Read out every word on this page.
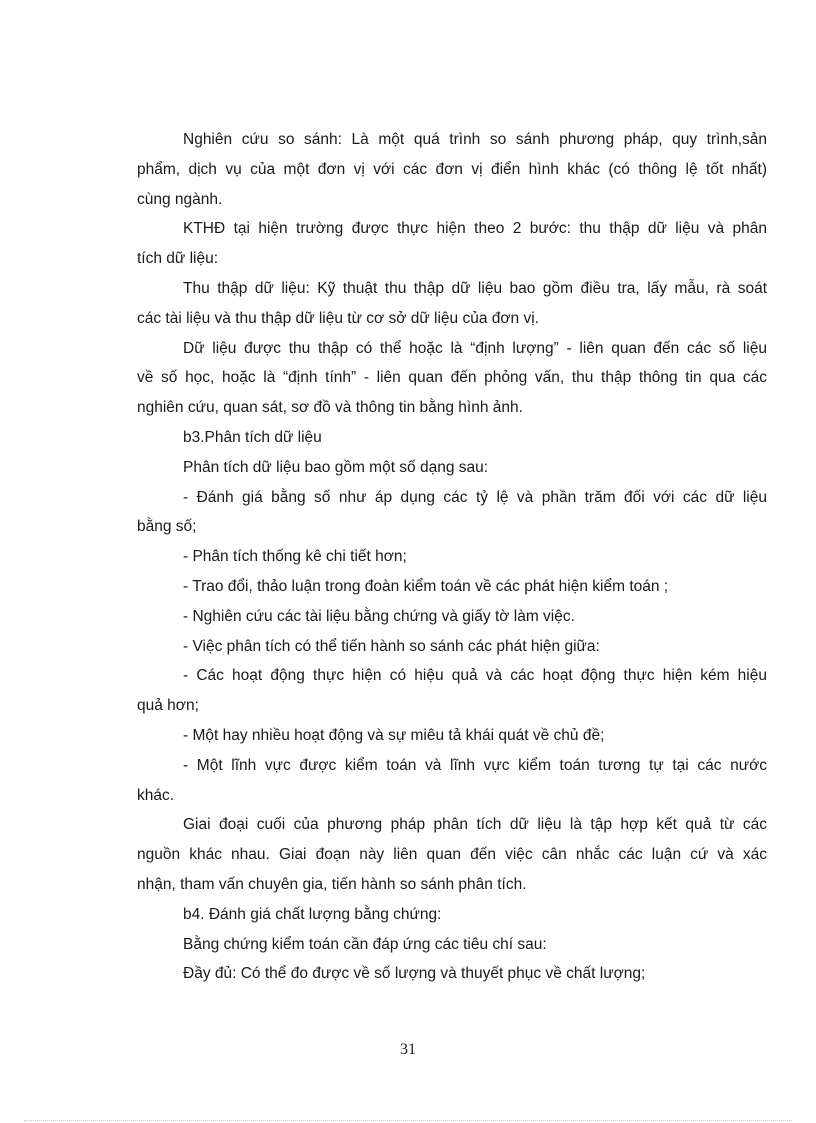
Nghiên cứu so sánh: Là một quá trình so sánh phương pháp, quy trình,sản

phẩm, dịch vụ của một đơn vị với các đơn vị điển hình khác (có thông lệ tốt nhất)

cùng ngành.

KTHĐ tại hiện trường được thực hiện theo 2 bước: thu thập dữ liệu và phân

tích dữ liệu:

Thu thập dữ liệu: Kỹ thuật thu thập dữ liệu bao gồm điều tra, lấy mẫu, rà soát

các tài liệu và thu thập dữ liệu từ cơ sở dữ liệu của đơn vị.

Dữ liệu được thu thập có thể hoặc là “định lượng” - liên quan đến các số liệu

về số học, hoặc là “định tính” - liên quan đến phỏng vấn, thu thập thông tin qua các

nghiên cứu, quan sát, sơ đồ và thông tin bằng hình ảnh.

b3.Phân tích dữ liệu

Phân tích dữ liệu bao gồm một số dạng sau:

- Đánh giá bằng số như áp dụng các tỷ lệ và phần trăm đối với các dữ liệu

bằng số;

- Phân tích thống kê chi tiết hơn;

- Trao đổi, thảo luận trong đoàn kiểm toán về các phát hiện kiểm toán ;

- Nghiên cứu các tài liệu bằng chứng và giấy tờ làm việc.

- Việc phân tích có thể tiến hành so sánh các phát hiện giữa:

- Các hoạt động thực hiện có hiệu quả và các hoạt động thực hiện kém hiệu

quả hơn;

- Một hay nhiều hoạt động và sự miêu tả khái quát về chủ đề;

- Một lĩnh vực được kiểm toán và lĩnh vực kiểm toán tương tự tại các nước

khác.

Giai đoại cuối của phương pháp phân tích dữ liệu là tập hợp kết quả từ các

nguồn khác nhau. Giai đoạn này liên quan đến việc cân nhắc các luận cứ và xác

nhận, tham vấn chuyên gia, tiến hành so sánh phân tích.

b4. Đánh giá chất lượng bằng chứng:

Bằng chứng kiểm toán cần đáp ứng các tiêu chí sau:

Đầy đủ: Có thể đo được về số lượng và thuyết phục về chất lượng;

31
